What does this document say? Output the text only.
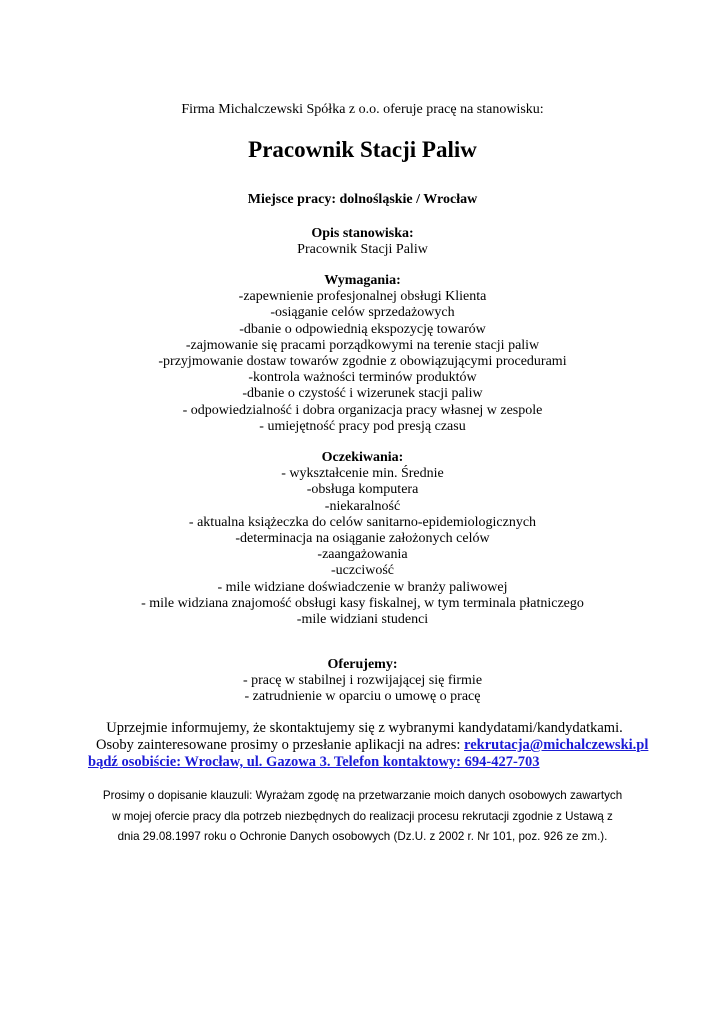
Firma Michalczewski Spółka z o.o. oferuje pracę na stanowisku:
Pracownik Stacji Paliw
Miejsce pracy: dolnośląskie / Wrocław
Opis stanowiska:
Pracownik Stacji Paliw
Wymagania:
-zapewnienie profesjonalnej obsługi Klienta
-osiąganie celów sprzedażowych
-dbanie o odpowiednią ekspozycję towarów
-zajmowanie się pracami porządkowymi na terenie stacji paliw
-przyjmowanie dostaw towarów zgodnie z obowiązującymi procedurami
-kontrola ważności terminów produktów
-dbanie o czystość i wizerunek stacji paliw
- odpowiedzialność i dobra organizacja pracy własnej w zespole
- umiejętność pracy pod presją czasu
Oczekiwania:
- wykształcenie min. Średnie
-obsługa komputera
-niekaralność
- aktualna książeczka do celów sanitarno-epidemiologicznych
-determinacja na osiąganie założonych celów
-zaangażowania
-uczciwość
- mile widziane doświadczenie w branży paliwowej
- mile widziana znajomość obsługi kasy fiskalnej, w tym terminala płatniczego
-mile widziani studenci
Oferujemy:
- pracę w stabilnej i rozwijającej się firmie
- zatrudnienie w oparciu o umowę o pracę
Uprzejmie informujemy, że skontaktujemy się z wybranymi kandydatami/kandydatkami.
Osoby zainteresowane prosimy o przesłanie aplikacji na adres: rekrutacja@michalczewski.pl
bądź osobiście: Wrocław, ul. Gazowa 3. Telefon kontaktowy: 694-427-703
Prosimy o dopisanie klauzuli: Wyrażam zgodę na przetwarzanie moich danych osobowych zawartych
w mojej ofercie pracy dla potrzeb niezbędnych do realizacji procesu rekrutacji zgodnie z Ustawą z
dnia 29.08.1997 roku o Ochronie Danych osobowych (Dz.U. z 2002 r. Nr 101, poz. 926 ze zm.).
